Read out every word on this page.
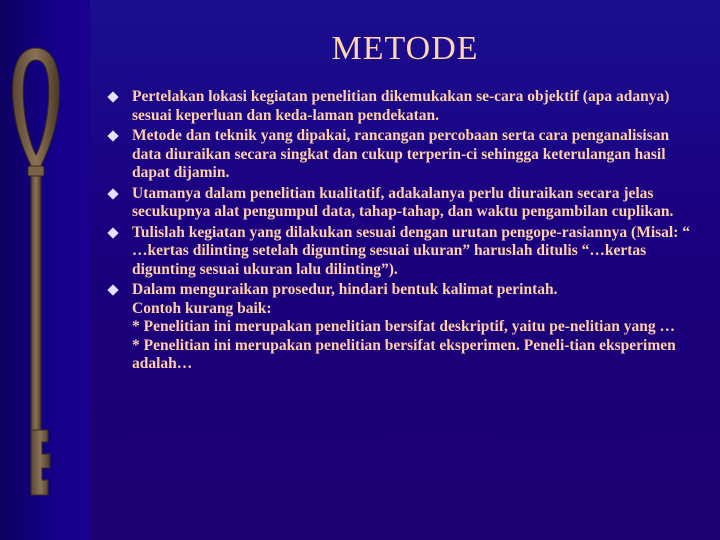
METODE
Pertelakan lokasi kegiatan penelitian dikemukakan se-cara objektif (apa adanya) sesuai keperluan dan keda-laman pendekatan.
Metode dan teknik yang dipakai, rancangan percobaan serta cara penganalisisan data diuraikan secara singkat dan cukup terperin-ci sehingga keterulangan hasil dapat dijamin.
Utamanya dalam penelitian kualitatif, adakalanya perlu diuraikan secara jelas secukupnya alat pengumpul data, tahap-tahap, dan waktu pengambilan cuplikan.
Tulislah kegiatan yang dilakukan sesuai dengan urutan pengope-rasiannya (Misal: “ …kertas dilinting setelah digunting sesuai ukuran” haruslah ditulis “…kertas digunting sesuai ukuran lalu dilinting”).
Dalam menguraikan prosedur, hindari bentuk kalimat perintah.
Contoh kurang baik:
* Penelitian ini merupakan penelitian bersifat deskriptif, yaitu pe-nelitian yang …
* Penelitian ini merupakan penelitian bersifat eksperimen. Peneli-tian eksperimen adalah…
